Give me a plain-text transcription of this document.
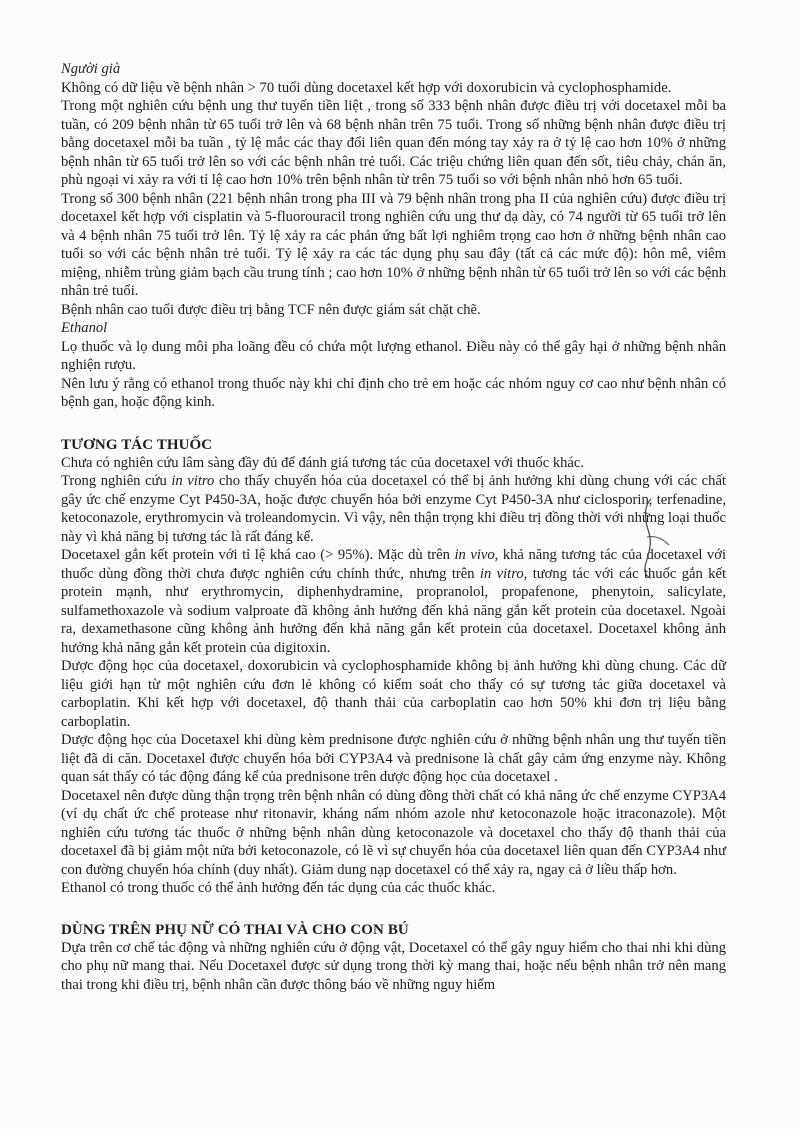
Người già

Không có dữ liệu về bệnh nhân > 70 tuổi dùng docetaxel kết hợp với doxorubicin và cyclophosphamide.

Trong một nghiên cứu bệnh ung thư tuyến tiền liệt , trong số 333 bệnh nhân được điều trị với docetaxel mỗi ba tuần, có 209 bệnh nhân từ 65 tuổi trở lên và 68 bệnh nhân trên 75 tuổi. Trong số những bệnh nhân được điều trị bằng docetaxel mỗi ba tuần , tỷ lệ mắc các thay đổi liên quan đến móng tay xảy ra ở tỷ lệ cao hơn 10% ở những bệnh nhân từ 65 tuổi trở lên so với các bệnh nhân trẻ tuổi. Các triệu chứng liên quan đến sốt, tiêu chảy, chán ăn, phù ngoại vi xảy ra với tỉ lệ cao hơn 10% trên bệnh nhân từ trên 75 tuổi so với bệnh nhân nhỏ hơn 65 tuổi.

Trong số 300 bệnh nhân (221 bệnh nhân trong pha III và 79 bệnh nhân trong pha II của nghiên cứu) được điều trị docetaxel kết hợp với cisplatin và 5-fluorouracil trong nghiên cứu ung thư dạ dày, có 74 người từ 65 tuổi trở lên và 4 bệnh nhân 75 tuổi trở lên. Tỷ lệ xảy ra các phản ứng bất lợi nghiêm trọng cao hơn ở những bệnh nhân cao tuổi so với các bệnh nhân trẻ tuổi. Tỷ lệ xảy ra các tác dụng phụ sau đây (tất cả các mức độ): hôn mê, viêm miệng, nhiễm trùng giảm bạch cầu trung tính ; cao hơn 10% ở những bệnh nhân từ 65 tuổi trở lên so với các bệnh nhân trẻ tuổi.

Bệnh nhân cao tuổi được điều trị bằng TCF nên được giám sát chặt chẽ.

Ethanol

Lọ thuốc và lọ dung môi pha loãng đều có chứa một lượng ethanol. Điều này có thể gây hại ở những bệnh nhân nghiện rượu.

Nên lưu ý rằng có ethanol trong thuốc này khi chỉ định cho trẻ em hoặc các nhóm nguy cơ cao như bệnh nhân có bệnh gan, hoặc động kinh.

TƯƠNG TÁC THUỐC

Chưa có nghiên cứu lâm sàng đầy đủ để đánh giá tương tác của docetaxel với thuốc khác.

Trong nghiên cứu in vitro cho thấy chuyển hóa của docetaxel có thể bị ảnh hưởng khi dùng chung với các chất gây ức chế enzyme Cyt P450-3A, hoặc được chuyển hóa bởi enzyme Cyt P450-3A như ciclosporin, terfenadine, ketoconazole, erythromycin và troleandomycin. Vì vậy, nên thận trọng khi điều trị đồng thời với những loại thuốc này vì khả năng bị tương tác là rất đáng kể.

Docetaxel gắn kết protein với tỉ lệ khá cao (> 95%). Mặc dù trên in vivo, khả năng tương tác của docetaxel với thuốc dùng đồng thời chưa được nghiên cứu chính thức, nhưng trên in vitro, tương tác với các thuốc gắn kết protein mạnh, như erythromycin, diphenhydramine, propranolol, propafenone, phenytoin, salicylate, sulfamethoxazole và sodium valproate đã không ảnh hưởng đến khả năng gắn kết protein của docetaxel. Ngoài ra, dexamethasone cũng không ảnh hưởng đến khả năng gắn kết protein của docetaxel. Docetaxel không ảnh hưởng khả năng gắn kết protein của digitoxin.

Dược động học của docetaxel, doxorubicin và cyclophosphamide không bị ảnh hưởng khi dùng chung. Các dữ liệu giới hạn từ một nghiên cứu đơn lẻ không có kiểm soát cho thấy có sự tương tác giữa docetaxel và carboplatin. Khi kết hợp với docetaxel, độ thanh thải của carboplatin cao hơn 50% khi đơn trị liệu bằng carboplatin.

Dược động học của Docetaxel khi dùng kèm prednisone được nghiên cứu ở những bệnh nhân ung thư tuyến tiền liệt đã di căn. Docetaxel được chuyển hóa bởi CYP3A4 và prednisone là chất gây cảm ứng enzyme này. Không quan sát thấy có tác động đáng kể của prednisone trên dược động học của docetaxel .

Docetaxel nên được dùng thận trọng trên bệnh nhân có dùng đồng thời chất có khả năng ức chế enzyme CYP3A4 (ví dụ chất ức chế protease như ritonavir, kháng nấm nhóm azole như ketoconazole hoặc itraconazole). Một nghiên cứu tương tác thuốc ở những bệnh nhân dùng ketoconazole và docetaxel cho thấy độ thanh thải của docetaxel đã bị giảm một nửa bởi ketoconazole, có lẽ vì sự chuyển hóa của docetaxel liên quan đến CYP3A4 như con đường chuyển hóa chính (duy nhất). Giảm dung nạp docetaxel có thể xảy ra, ngay cả ở liều thấp hơn.

Ethanol có trong thuốc có thể ảnh hưởng đến tác dụng của các thuốc khác.

DÙNG TRÊN PHỤ NỮ CÓ THAI VÀ CHO CON BÚ

Dựa trên cơ chế tác động và những nghiên cứu ở động vật, Docetaxel có thể gây nguy hiểm cho thai nhi khi dùng cho phụ nữ mang thai. Nếu Docetaxel được sử dụng trong thời kỳ mang thai, hoặc nếu bệnh nhân trở nên mang thai trong khi điều trị, bệnh nhân cần được thông báo về những nguy hiểm
